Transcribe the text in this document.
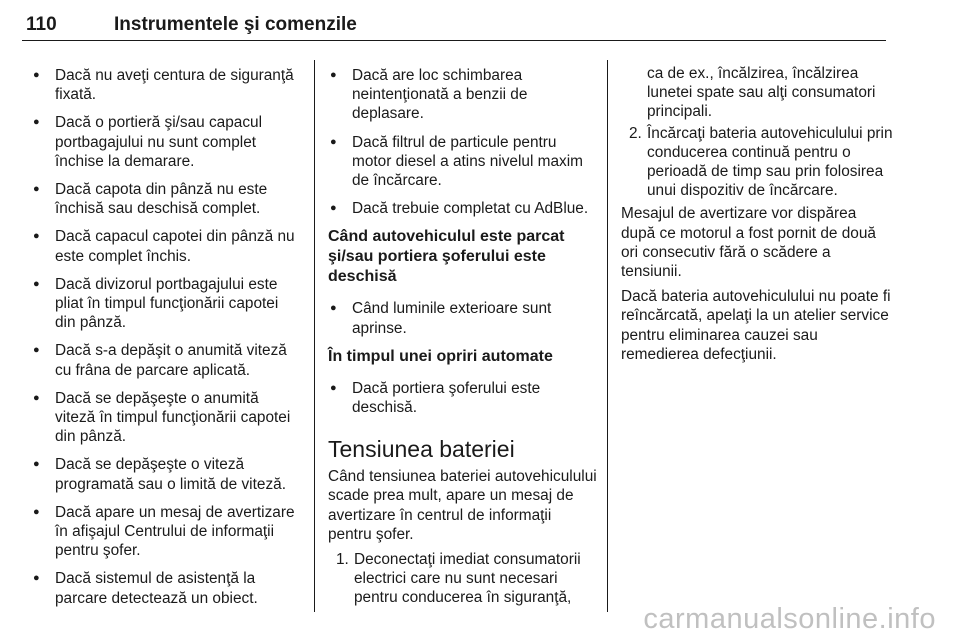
110	Instrumentele şi comenzile
● Dacă nu aveţi centura de siguranţă fixată.
● Dacă o portieră şi/sau capacul portbagajului nu sunt complet închise la demarare.
● Dacă capota din pânză nu este închisă sau deschisă complet.
● Dacă capacul capotei din pânză nu este complet închis.
● Dacă divizorul portbagajului este pliat în timpul funcţionării capotei din pânză.
● Dacă s-a depăşit o anumită viteză cu frâna de parcare aplicată.
● Dacă se depăşeşte o anumită viteză în timpul funcţionării capotei din pânză.
● Dacă se depăşeşte o viteză programată sau o limită de viteză.
● Dacă apare un mesaj de avertizare în afişajul Centrului de informaţii pentru şofer.
● Dacă sistemul de asistenţă la parcare detectează un obiect.
● Dacă are loc schimbarea neintenţionată a benzii de deplasare.
● Dacă filtrul de particule pentru motor diesel a atins nivelul maxim de încărcare.
● Dacă trebuie completat cu AdBlue.
Când autovehiculul este parcat şi/sau portiera şoferului este deschisă
● Când luminile exterioare sunt aprinse.
În timpul unei opriri automate
● Dacă portiera şoferului este deschisă.
Tensiunea bateriei

Când tensiunea bateriei autovehiculului scade prea mult, apare un mesaj de avertizare în centrul de informaţii pentru şofer.

1. Deconectaţi imediat consumatorii electrici care nu sunt necesari pentru conducerea în siguranţă,
ca de ex., încălzirea, încălzirea lunetei spate sau alţi consumatori principali.
2. Încărcaţi bateria autovehiculului prin conducerea continuă pentru o perioadă de timp sau prin folosirea unui dispozitiv de încărcare.

Mesajul de avertizare vor dispărea după ce motorul a fost pornit de două ori consecutiv fără o scădere a tensiunii.

Dacă bateria autovehiculului nu poate fi reîncărcată, apelaţi la un atelier service pentru eliminarea cauzei sau remedierea defecţiunii.

carmanualsonline.info
